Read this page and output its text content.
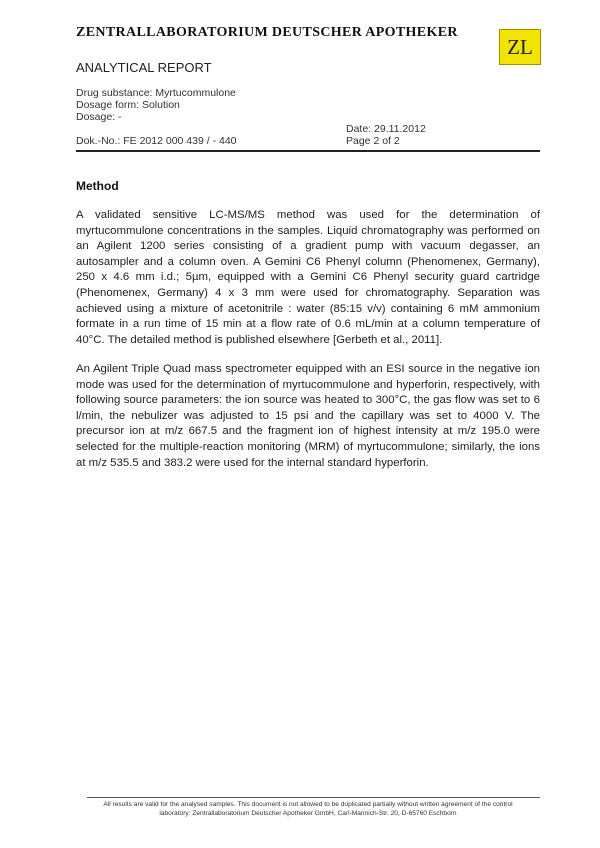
ZENTRALLABORATORIUM DEUTSCHER APOTHEKER
ZL
ANALYTICAL REPORT
Drug substance: Myrtucommulone
Dosage form: Solution
Dosage: -
Date: 29.11.2012
Dok.-No.: FE 2012 000 439 / - 440	Page 2 of 2
Method
A validated sensitive LC-MS/MS method was used for the determination of myrtucommulone concentrations in the samples. Liquid chromatography was performed on an Agilent 1200 series consisting of a gradient pump with vacuum degasser, an autosampler and a column oven. A Gemini C6 Phenyl column (Phenomenex, Germany), 250 x 4.6 mm i.d.; 5µm, equipped with a Gemini C6 Phenyl security guard cartridge (Phenomenex, Germany) 4 x 3 mm were used for chromatography. Separation was achieved using a mixture of acetonitrile : water (85:15 v/v) containing 6 mM ammonium formate in a run time of 15 min at a flow rate of 0.6 mL/min at a column temperature of 40°C. The detailed method is published elsewhere [Gerbeth et al., 2011].
An Agilent Triple Quad mass spectrometer equipped with an ESI source in the negative ion mode was used for the determination of myrtucommulone and hyperforin, respectively, with following source parameters: the ion source was heated to 300°C, the gas flow was set to 6 l/min, the nebulizer was adjusted to 15 psi and the capillary was set to 4000 V. The precursor ion at m/z 667.5 and the fragment ion of highest intensity at m/z 195.0 were selected for the multiple-reaction monitoring (MRM) of myrtucommulone; similarly, the ions at m/z 535.5 and 383.2 were used for the internal standard hyperforin.
All results are valid for the analysed samples. This document is not allowed to be duplicated partially without written agreement of the control
laboratory: Zentrallaboratorium Deutscher Apotheker GmbH, Carl-Mannich-Str. 20, D-65760 Eschborn
